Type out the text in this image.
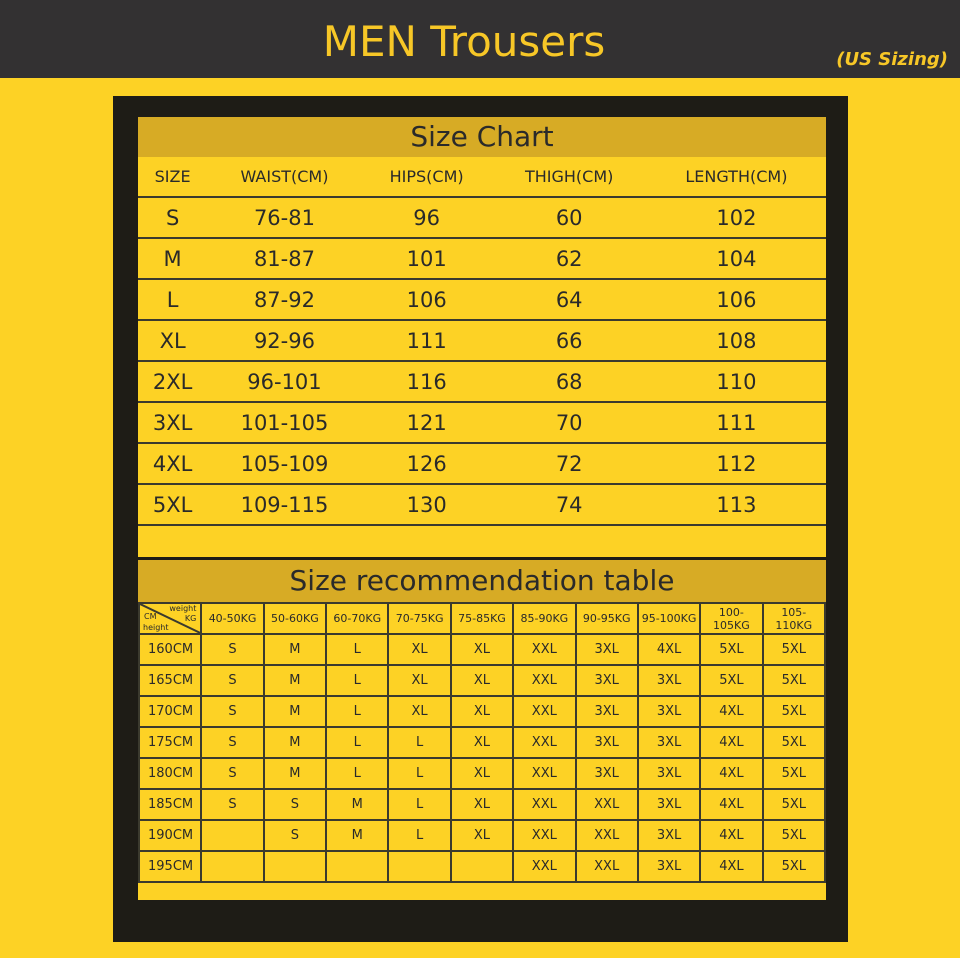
MEN Trousers	(US Sizing)
Size Chart
SIZE	WAIST(CM)	HIPS(CM)	THIGH(CM)	LENGTH(CM)
S	76-81	96	60	102
M	81-87	101	62	104
L	87-92	106	64	106
XL	92-96	111	66	108
2XL	96-101	116	68	110
3XL	101-105	121	70	111
4XL	105-109	126	72	112
5XL	109-115	130	74	113

Size recommendation table
weight
KG
CM
height	40-50KG	50-60KG	60-70KG	70-75KG	75-85KG	85-90KG	90-95KG	95-100KG	100-105KG	105-110KG
160CM	S	M	L	XL	XL	XXL	3XL	4XL	5XL	5XL
165CM	S	M	L	XL	XL	XXL	3XL	3XL	5XL	5XL
170CM	S	M	L	XL	XL	XXL	3XL	3XL	4XL	5XL
175CM	S	M	L	L	XL	XXL	3XL	3XL	4XL	5XL
180CM	S	M	L	L	XL	XXL	3XL	3XL	4XL	5XL
185CM	S	S	M	L	XL	XXL	XXL	3XL	4XL	5XL
190CM		S	M	L	XL	XXL	XXL	3XL	4XL	5XL
195CM						XXL	XXL	3XL	4XL	5XL
